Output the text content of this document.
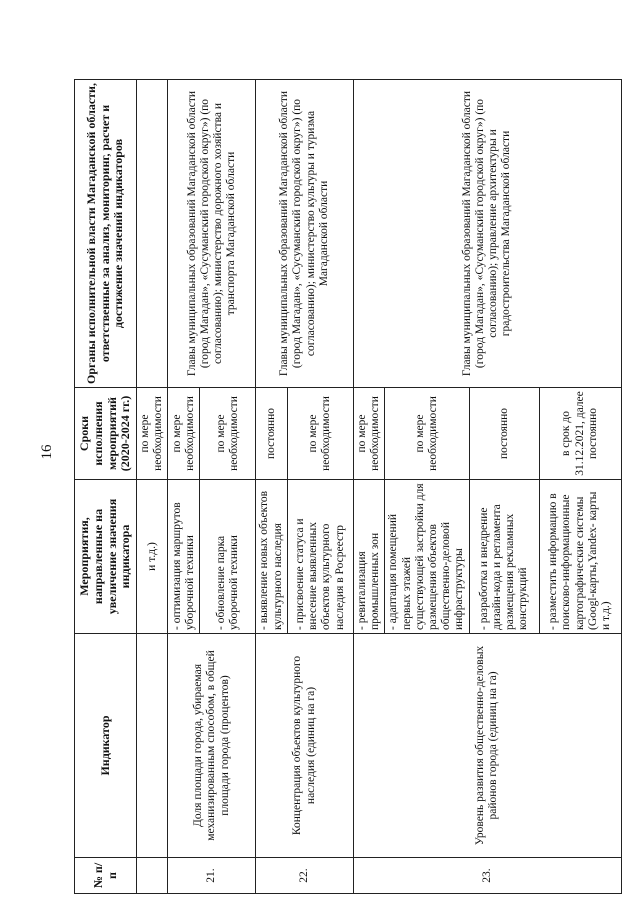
16
№ п/п	Индикатор	Мероприятия, направленные на увеличение значения индикатора	Сроки исполнения мероприятий (2020-2024 гг.)	Органы исполнительной власти Магаданской области, ответственные за анализ, мониторинг, расчет и достижение значений индикаторов
		и т.д.)	по мере необходимости	
21.	Доля площади города, убираемая механизированным способом, в общей площади города (процентов)	- оптимизация маршрутов уборочной техники	по мере необходимости	Главы муниципальных образований Магаданской области (город Магадан», «Сусуманский городской округ») (по согласованию); министерство дорожного хозяйства и транспорта Магаданской области
		- обновление парка уборочной техники	по мере необходимости	
22.	Концентрация объектов культурного наследия (единиц на га)	- выявление новых объектов культурного наследия	постоянно	Главы муниципальных образований Магаданской области (город Магадан», «Сусуманский городской округ») (по согласованию); министерство культуры и туризма Магаданской области
		- присвоение статуса и внесение выявленных объектов культурного наследия в Росреестр	по мере необходимости	
23.	Уровень развития общественно-деловых районов города (единиц на га)	- ревитализация промышленных зон	по мере необходимости	Главы муниципальных образований Магаданской области (город Магадан», «Сусуманский городской округ») (по согласованию); управление архитектуры и градостроительства Магаданской области
		- адаптация помещений первых этажей существующей застройки для размещения объектов общественно-деловой инфраструктуры	по мере необходимости	
		- разработка и внедрение дизайн-кода и регламента размещения рекламных конструкций	постоянно	
		- разместить информацию в поисково-информационные картографические системы (Googl-карты,Yandex- карты и т.д.)	в срок до 31.12.2021, далее постоянно	
